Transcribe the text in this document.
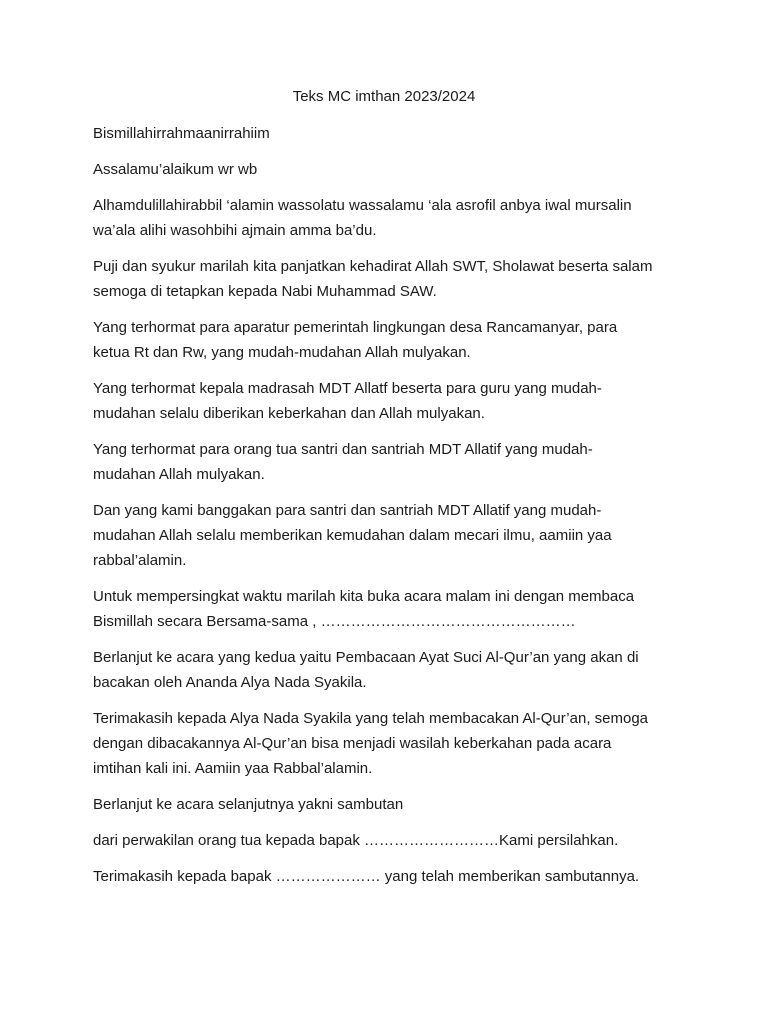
Teks MC imthan 2023/2024

Bismillahirrahmaanirrahiim

Assalamu’alaikum wr wb

Alhamdulillahirabbil ‘alamin wassolatu wassalamu ‘ala asrofil anbya iwal mursalin
wa’ala alihi wasohbihi ajmain amma ba’du.

Puji dan syukur marilah kita panjatkan kehadirat Allah SWT, Sholawat beserta salam
semoga di tetapkan kepada Nabi Muhammad SAW.

Yang terhormat para aparatur pemerintah lingkungan desa Rancamanyar, para
ketua Rt dan Rw, yang mudah-mudahan Allah mulyakan.

Yang terhormat kepala madrasah MDT Allatf beserta para guru yang mudah-
mudahan selalu diberikan keberkahan dan Allah mulyakan.

Yang terhormat para orang tua santri dan santriah MDT Allatif yang mudah-
mudahan Allah mulyakan.

Dan yang kami banggakan para santri dan santriah MDT Allatif yang mudah-
mudahan Allah selalu memberikan kemudahan dalam mecari ilmu, aamiin yaa
rabbal’alamin.

Untuk mempersingkat waktu marilah kita buka acara malam ini dengan membaca
Bismillah secara Bersama-sama , ……………………………………………

Berlanjut ke acara yang kedua yaitu Pembacaan Ayat Suci Al-Qur’an yang akan di
bacakan oleh Ananda Alya Nada Syakila.

Terimakasih kepada Alya Nada Syakila yang telah membacakan Al-Qur’an, semoga
dengan dibacakannya Al-Qur’an bisa menjadi wasilah keberkahan pada acara
imtihan kali ini. Aamiin yaa Rabbal’alamin.

Berlanjut ke acara selanjutnya yakni sambutan

dari perwakilan orang tua kepada bapak ………………………Kami persilahkan.

Terimakasih kepada bapak ………………… yang telah memberikan sambutannya.
